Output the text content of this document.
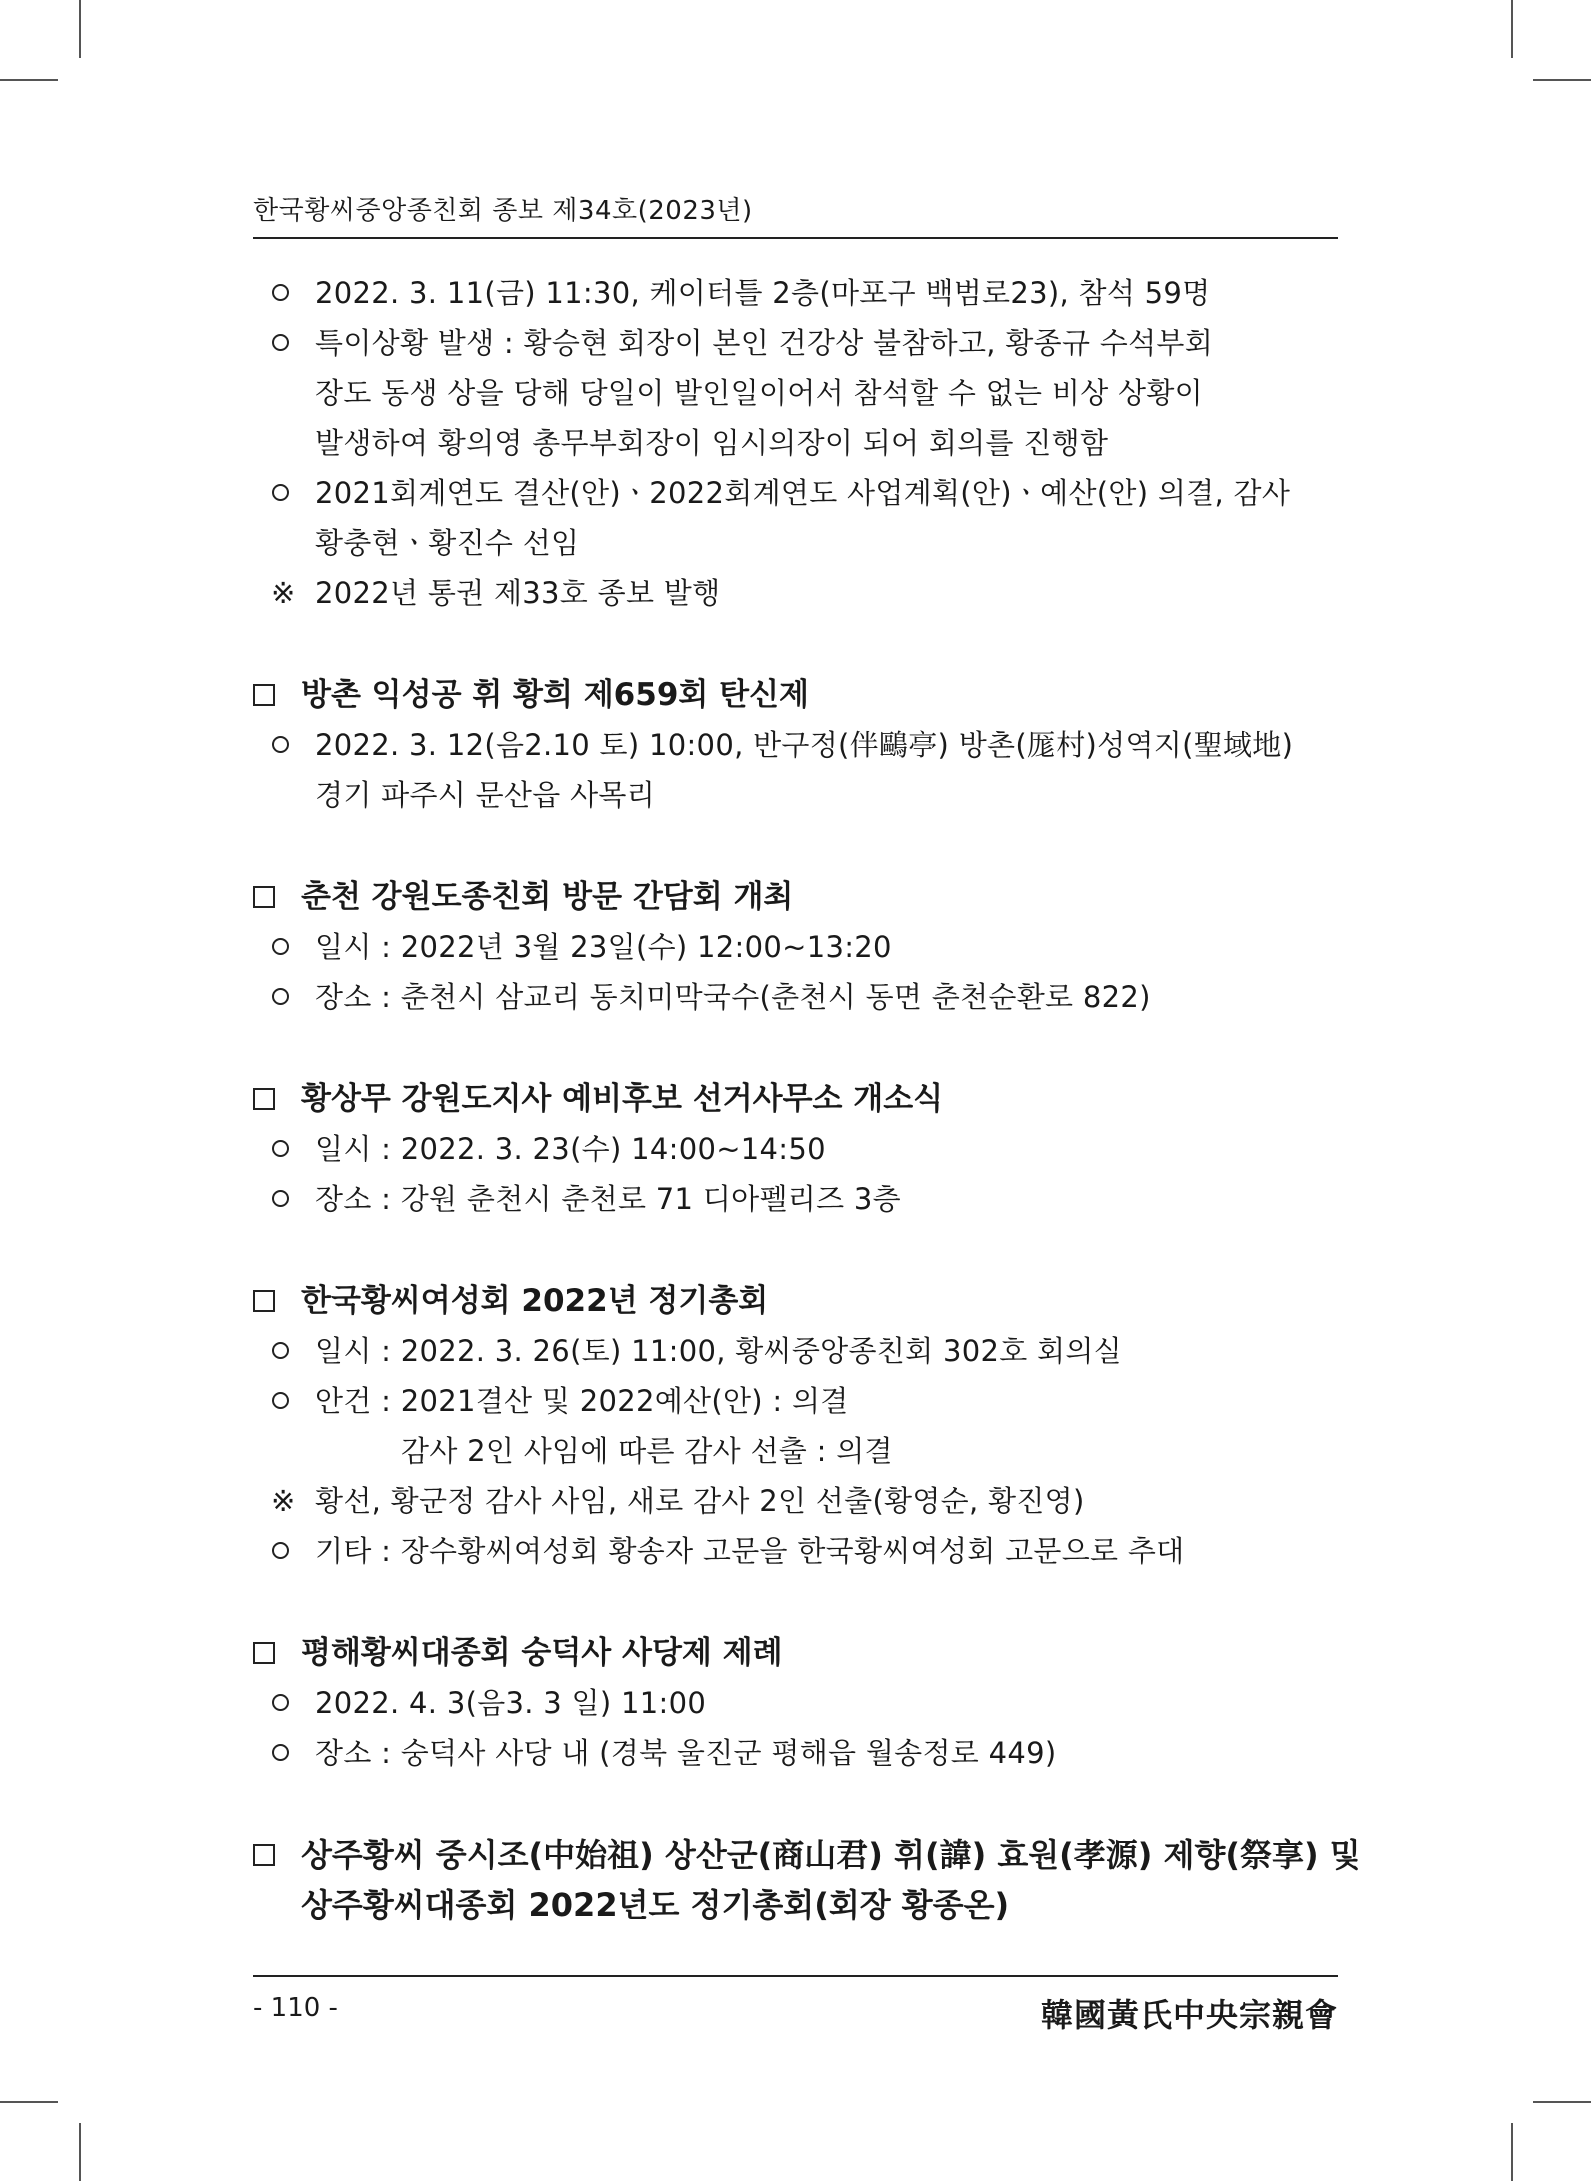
한국황씨중앙종친회 종보 제34호(2023년)
2022. 3. 11(금) 11:30, 케이터틀 2층(마포구 백범로23), 참석 59명
특이상황 발생 : 황승현 회장이 본인 건강상 불참하고, 황종규 수석부회
장도 동생 상을 당해 당일이 발인일이어서 참석할 수 없는 비상 상황이
발생하여 황의영 총무부회장이 임시의장이 되어 회의를 진행함
2021회계연도 결산(안)ㆍ2022회계연도 사업계획(안)ㆍ예산(안) 의결, 감사
황충현ㆍ황진수 선임
※ 2022년 통권 제33호 종보 발행
방촌 익성공 휘 황희 제659회 탄신제
2022. 3. 12(음2.10 토) 10:00, 반구정(伴鷗亭) 방촌(厖村)성역지(聖域地)
경기 파주시 문산읍 사목리
춘천 강원도종친회 방문 간담회 개최
일시 : 2022년 3월 23일(수) 12:00~13:20
장소 : 춘천시 삼교리 동치미막국수(춘천시 동면 춘천순환로 822)
황상무 강원도지사 예비후보 선거사무소 개소식
일시 : 2022. 3. 23(수) 14:00~14:50
장소 : 강원 춘천시 춘천로 71 디아펠리즈 3층
한국황씨여성회 2022년 정기총회
일시 : 2022. 3. 26(토) 11:00, 황씨중앙종친회 302호 회의실
안건 : 2021결산 및 2022예산(안) : 의결
감사 2인 사임에 따른 감사 선출 : 의결
※ 황선, 황군정 감사 사임, 새로 감사 2인 선출(황영순, 황진영)
기타 : 장수황씨여성회 황송자 고문을 한국황씨여성회 고문으로 추대
평해황씨대종회 숭덕사 사당제 제례
2022. 4. 3(음3. 3 일) 11:00
장소 : 숭덕사 사당 내 (경북 울진군 평해읍 월송정로 449)
상주황씨 중시조(中始祖) 상산군(商山君) 휘(諱) 효원(孝源) 제향(祭享) 및
상주황씨대종회 2022년도 정기총회(회장 황종온)
- 110 -	韓國黃氏中央宗親會
